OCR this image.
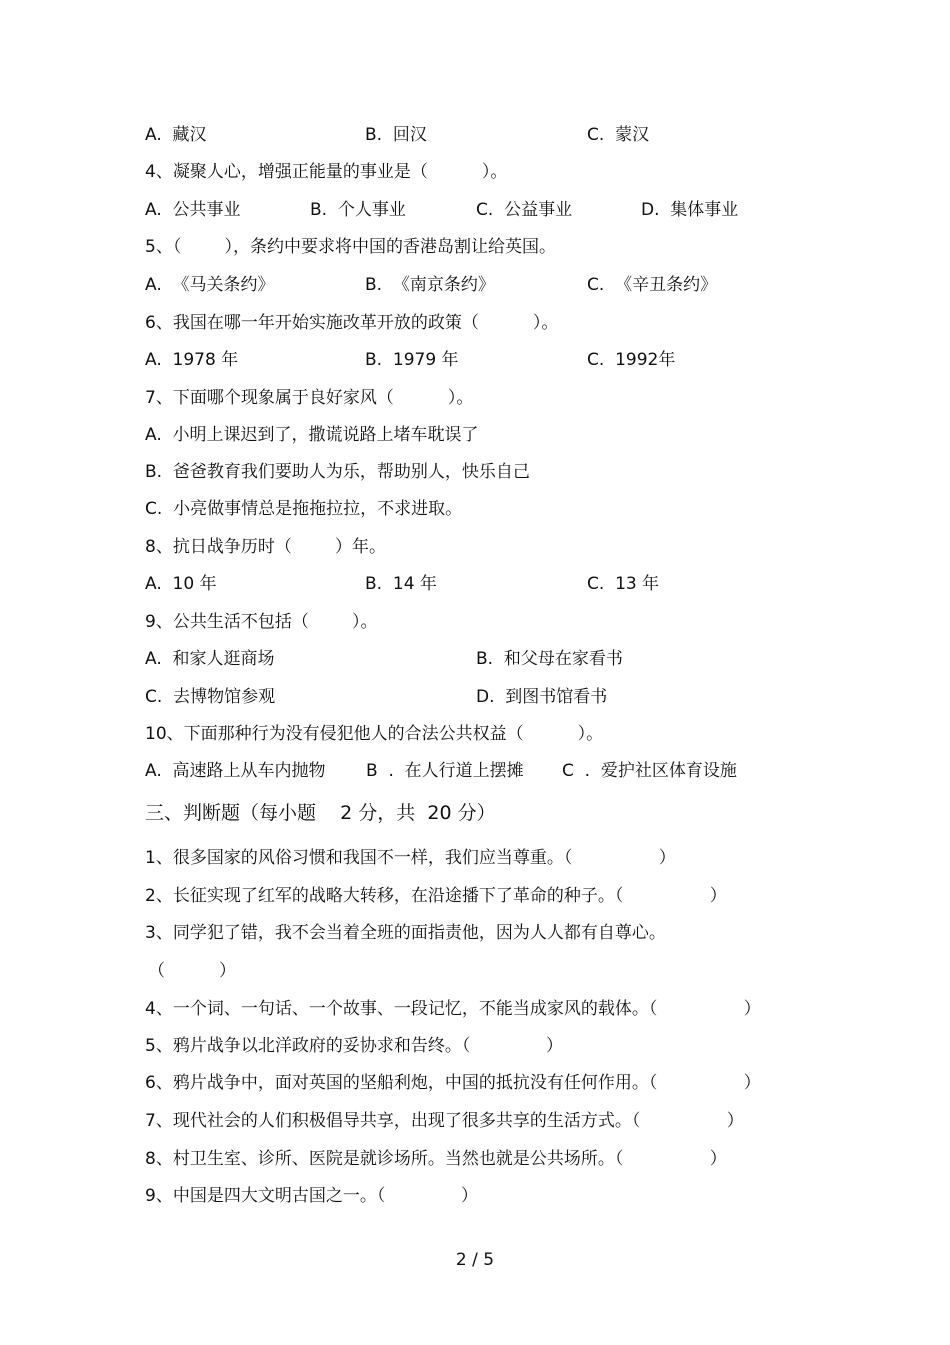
A.  藏汉	B.  回汉	C.  蒙汉
4、凝聚人心，增强正能量的事业是（          ）。
A.  公共事业	B.  个人事业	C.  公益事业	D.  集体事业
5、（        ），条约中要求将中国的香港岛割让给英国。
A.  《马关条约》	B.  《南京条约》	C.  《辛丑条约》
6、我国在哪一年开始实施改革开放的政策（          ）。
A.  1978 年	B.  1979 年	C.  1992年
7、下面哪个现象属于良好家风（          ）。
A.  小明上课迟到了，撒谎说路上堵车耽误了
B.  爸爸教育我们要助人为乐，帮助别人，快乐自己
C.  小亮做事情总是拖拖拉拉，不求进取。
8、抗日战争历时（        ）年。
A.  10 年	B.  14 年	C.  13 年
9、公共生活不包括（        ）。
A.  和家人逛商场	B.  和父母在家看书
C.  去博物馆参观	D.  到图书馆看书
10、下面那种行为没有侵犯他人的合法公共权益（          ）。
A.  高速路上从车内抛物 B  .  在人行道上摆摊 C  .  爱护社区体育设施
三、判断题（每小题    2 分，共  20 分）
1、很多国家的风俗习惯和我国不一样，我们应当尊重。（                ）
2、长征实现了红军的战略大转移，在沿途播下了革命的种子。（                ）
3、同学犯了错，我不会当着全班的面指责他，因为人人都有自尊心。
（          ）
4、一个词、一句话、一个故事、一段记忆，不能当成家风的载体。（                ）
5、鸦片战争以北洋政府的妥协求和告终。（              ）
6、鸦片战争中，面对英国的坚船利炮，中国的抵抗没有任何作用。（                ）
7、现代社会的人们积极倡导共享，出现了很多共享的生活方式。（                ）
8、村卫生室、诊所、医院是就诊场所。当然也就是公共场所。（                ）
9、中国是四大文明古国之一。（              ）
2 / 5
